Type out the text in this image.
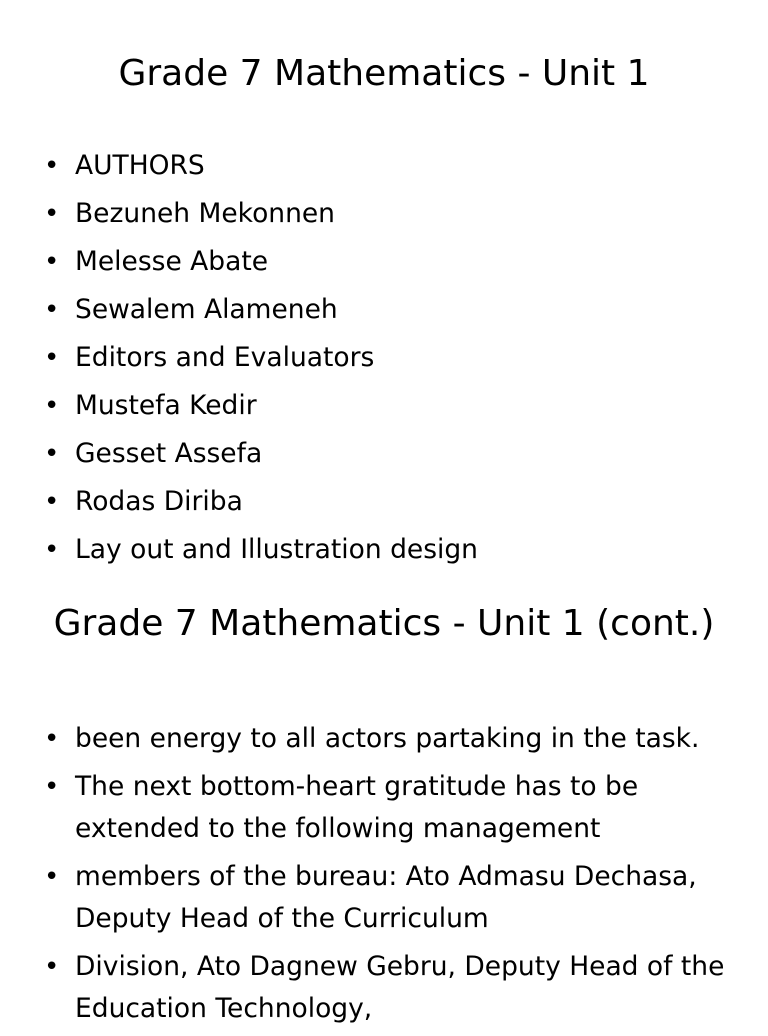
Grade 7 Mathematics - Unit 1
• AUTHORS
• Bezuneh Mekonnen
• Melesse Abate
• Sewalem Alameneh
• Editors and Evaluators
• Mustefa Kedir
• Gesset Assefa
• Rodas Diriba
• Lay out and Illustration design
Grade 7 Mathematics - Unit 1 (cont.)
• been energy to all actors partaking in the task.
• The next bottom-heart gratitude has to be extended to the following management
• members of the bureau: Ato Admasu Dechasa, Deputy Head of the Curriculum
• Division, Ato Dagnew Gebru, Deputy Head of the Education Technology,
